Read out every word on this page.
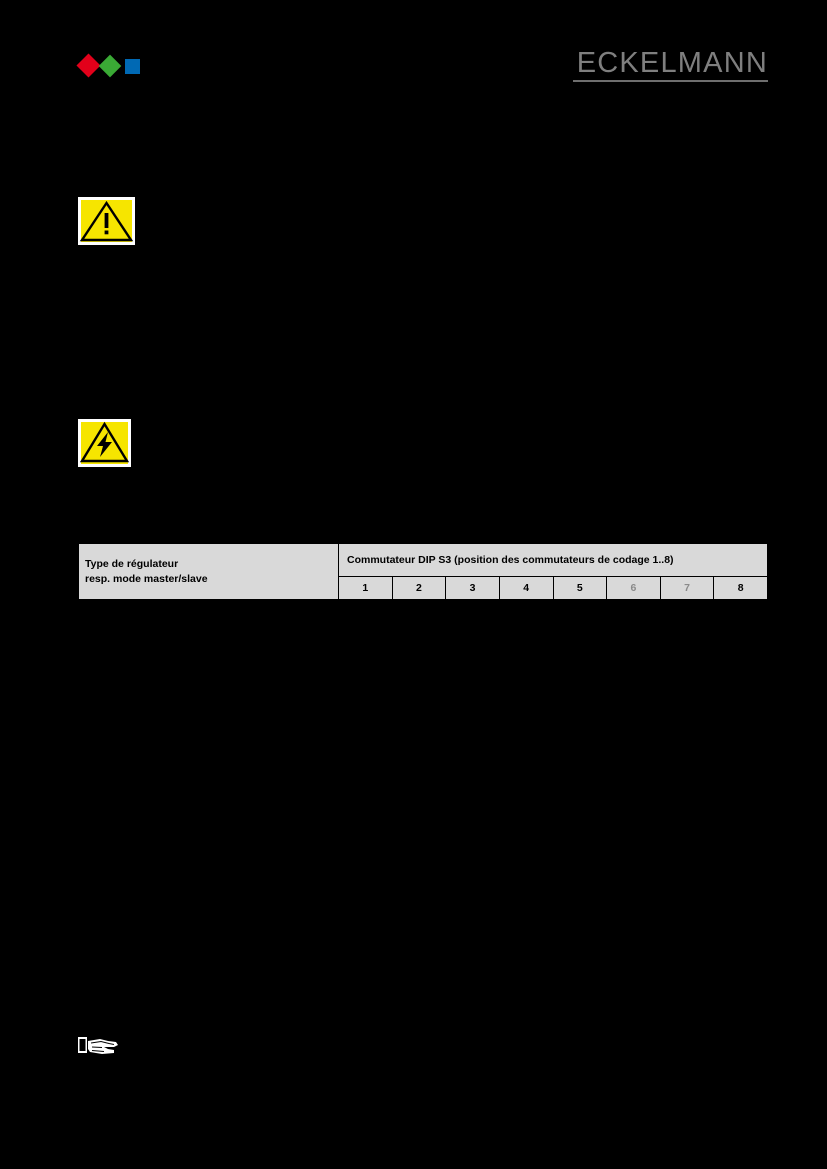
ECKELMANN
Type de régulateur
resp. mode master/slave	Commutateur DIP S3 (position des commutateurs de codage 1..8)							
	1	2	3	4	5	6	7	8
